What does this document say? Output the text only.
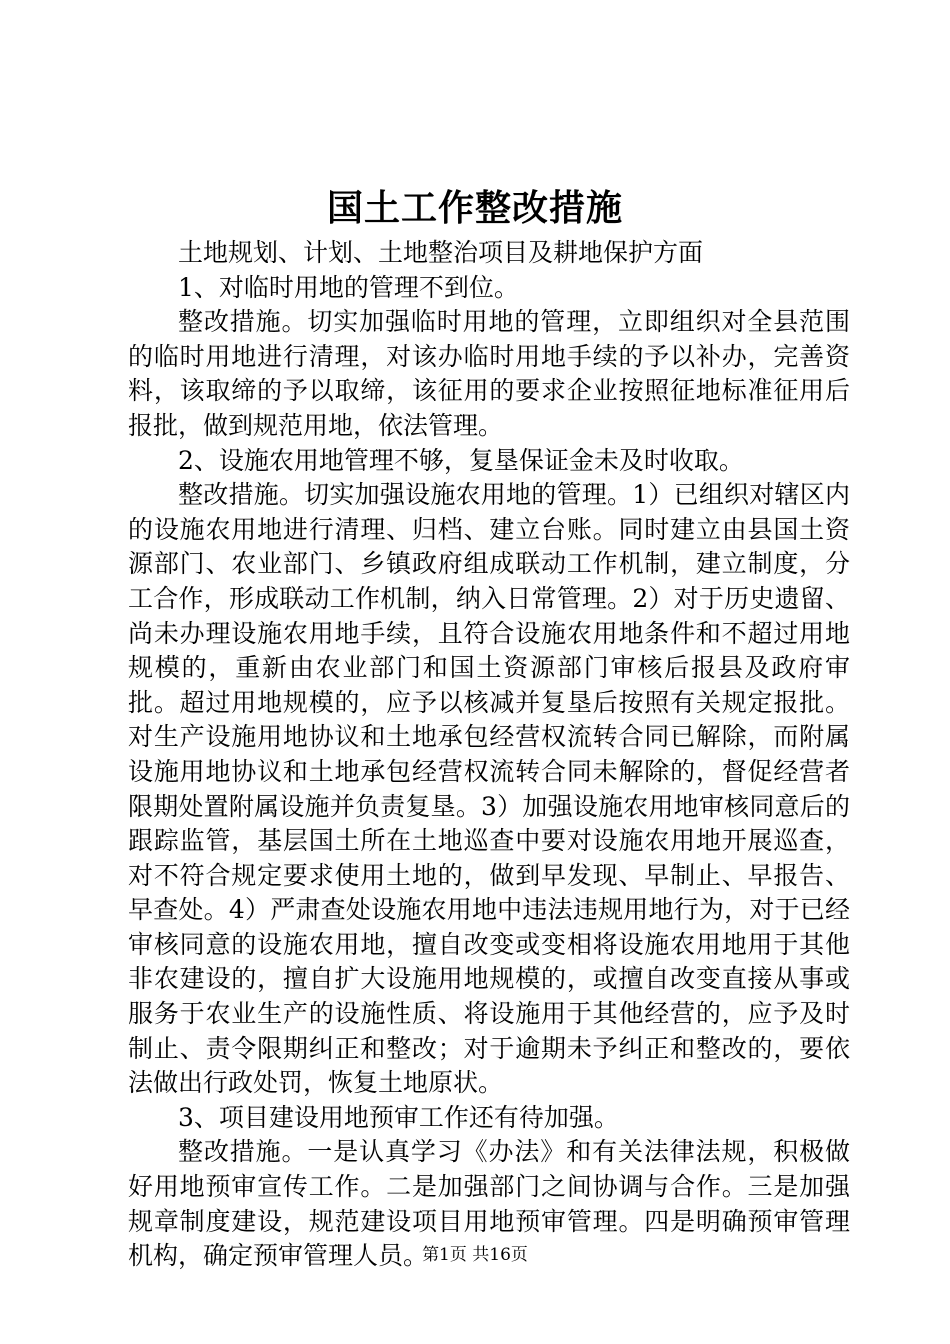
国土工作整改措施

土地规划、计划、土地整治项目及耕地保护方面

1、对临时用地的管理不到位。

整改措施。切实加强临时用地的管理，立即组织对全县范围的临时用地进行清理，对该办临时用地手续的予以补办，完善资料，该取缔的予以取缔，该征用的要求企业按照征地标准征用后报批，做到规范用地，依法管理。

2、设施农用地管理不够，复垦保证金未及时收取。

整改措施。切实加强设施农用地的管理。1）已组织对辖区内的设施农用地进行清理、归档、建立台账。同时建立由县国土资源部门、农业部门、乡镇政府组成联动工作机制，建立制度，分工合作，形成联动工作机制，纳入日常管理。2）对于历史遗留、尚未办理设施农用地手续，且符合设施农用地条件和不超过用地规模的，重新由农业部门和国土资源部门审核后报县及政府审批。超过用地规模的，应予以核减并复垦后按照有关规定报批。对生产设施用地协议和土地承包经营权流转合同已解除，而附属设施用地协议和土地承包经营权流转合同未解除的，督促经营者限期处置附属设施并负责复垦。3）加强设施农用地审核同意后的跟踪监管，基层国土所在土地巡查中要对设施农用地开展巡查，对不符合规定要求使用土地的，做到早发现、早制止、早报告、早查处。4）严肃查处设施农用地中违法违规用地行为，对于已经审核同意的设施农用地，擅自改变或变相将设施农用地用于其他非农建设的，擅自扩大设施用地规模的，或擅自改变直接从事或服务于农业生产的设施性质、将设施用于其他经营的，应予及时制止、责令限期纠正和整改；对于逾期未予纠正和整改的，要依法做出行政处罚，恢复土地原状。

3、项目建设用地预审工作还有待加强。

整改措施。一是认真学习《办法》和有关法律法规，积极做好用地预审宣传工作。二是加强部门之间协调与合作。三是加强规章制度建设，规范建设项目用地预审管理。四是明确预审管理机构，确定预审管理人员。

第1页 共16页
